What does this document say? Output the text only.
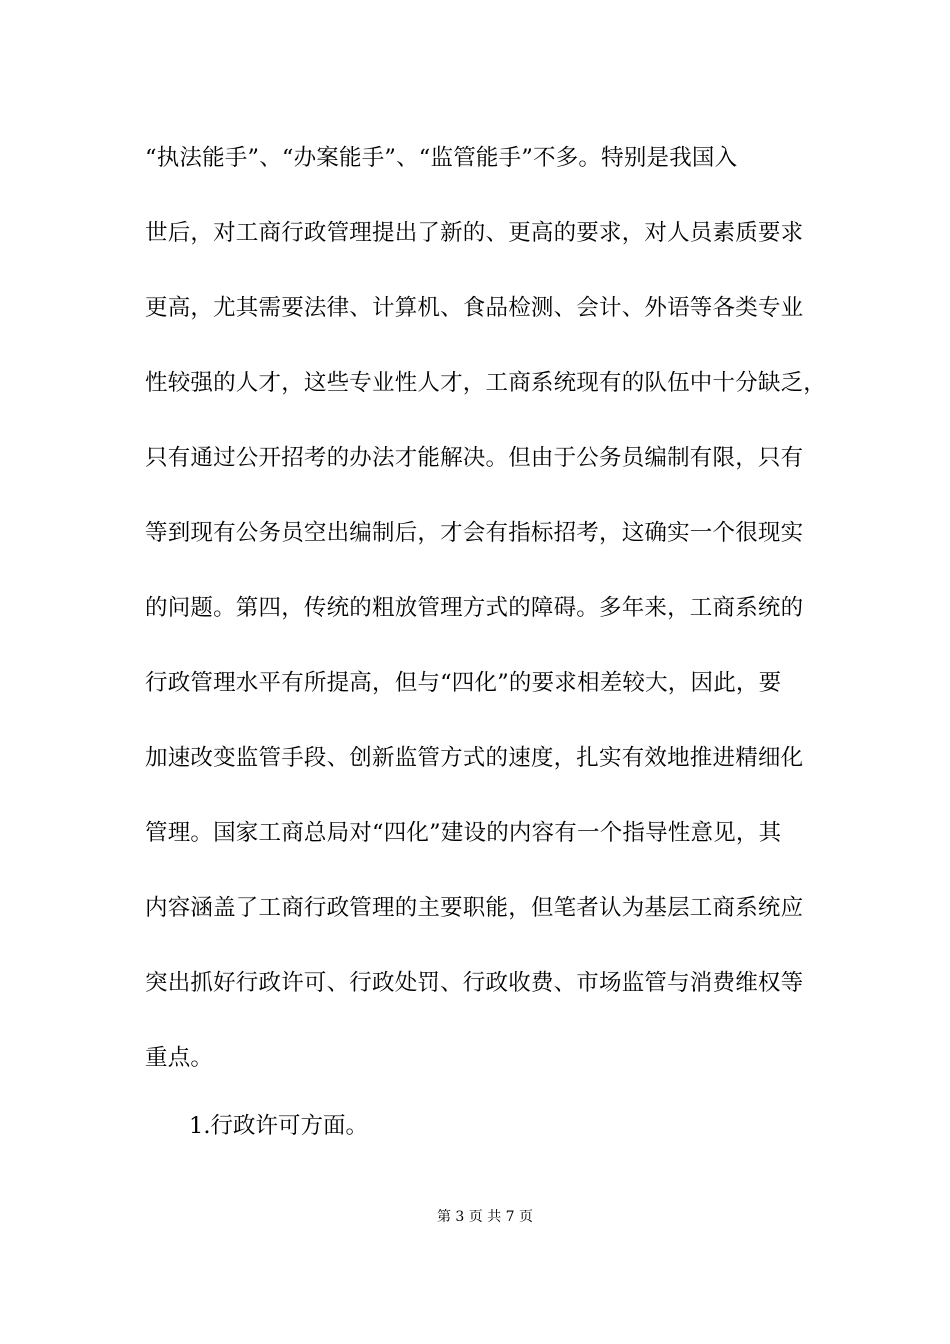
“执法能手”、“办案能手”、“监管能手”不多。特别是我国入
世后，对工商行政管理提出了新的、更高的要求，对人员素质要求
更高，尤其需要法律、计算机、食品检测、会计、外语等各类专业
性较强的人才，这些专业性人才，工商系统现有的队伍中十分缺乏，
只有通过公开招考的办法才能解决。但由于公务员编制有限，只有
等到现有公务员空出编制后，才会有指标招考，这确实一个很现实
的问题。第四，传统的粗放管理方式的障碍。多年来，工商系统的
行政管理水平有所提高，但与“四化”的要求相差较大，因此，要
加速改变监管手段、创新监管方式的速度，扎实有效地推进精细化
管理。国家工商总局对“四化”建设的内容有一个指导性意见，其
内容涵盖了工商行政管理的主要职能，但笔者认为基层工商系统应
突出抓好行政许可、行政处罚、行政收费、市场监管与消费维权等
重点。
1.行政许可方面。
第 3 页 共 7 页
